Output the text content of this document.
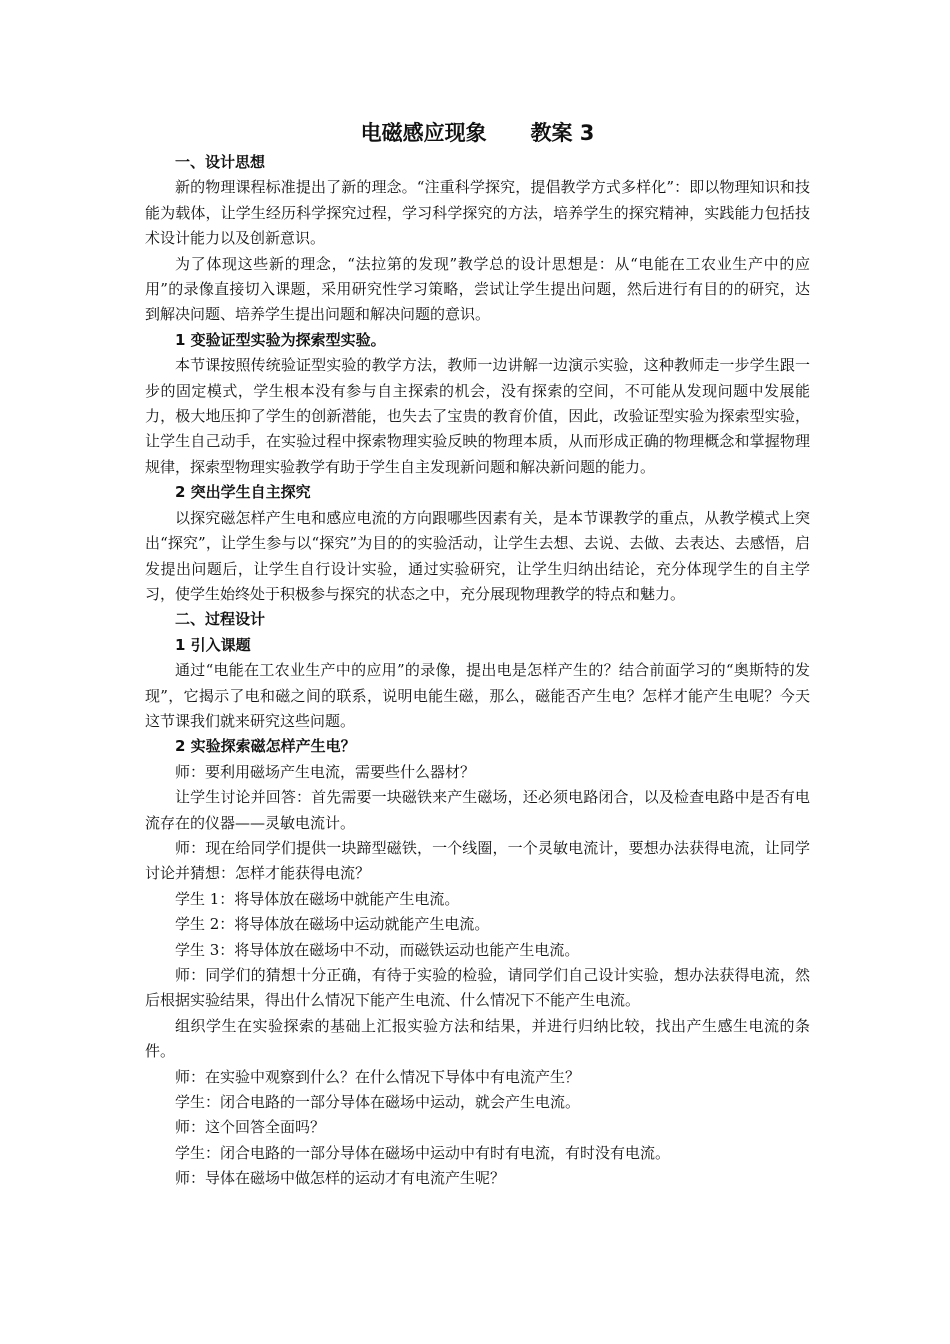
电磁感应现象      教案 3

一、设计思想

新的物理课程标准提出了新的理念。“注重科学探究，提倡教学方式多样化”：即以物理知识和技能为载体，让学生经历科学探究过程，学习科学探究的方法，培养学生的探究精神，实践能力包括技术设计能力以及创新意识。

为了体现这些新的理念，“法拉第的发现”教学总的设计思想是：从“电能在工农业生产中的应用”的录像直接切入课题，采用研究性学习策略，尝试让学生提出问题，然后进行有目的的研究，达到解决问题、培养学生提出问题和解决问题的意识。

1 变验证型实验为探索型实验。

本节课按照传统验证型实验的教学方法，教师一边讲解一边演示实验，这种教师走一步学生跟一步的固定模式，学生根本没有参与自主探索的机会，没有探索的空间，不可能从发现问题中发展能力，极大地压抑了学生的创新潜能，也失去了宝贵的教育价值，因此，改验证型实验为探索型实验，让学生自己动手，在实验过程中探索物理实验反映的物理本质，从而形成正确的物理概念和掌握物理规律，探索型物理实验教学有助于学生自主发现新问题和解决新问题的能力。

2 突出学生自主探究

以探究磁怎样产生电和感应电流的方向跟哪些因素有关，是本节课教学的重点，从教学模式上突出“探究”，让学生参与以“探究”为目的的实验活动，让学生去想、去说、去做、去表达、去感悟，启发提出问题后，让学生自行设计实验，通过实验研究，让学生归纳出结论，充分体现学生的自主学习，使学生始终处于积极参与探究的状态之中，充分展现物理教学的特点和魅力。

二、过程设计

1 引入课题

通过“电能在工农业生产中的应用”的录像，提出电是怎样产生的？结合前面学习的“奥斯特的发现”，它揭示了电和磁之间的联系，说明电能生磁，那么，磁能否产生电？怎样才能产生电呢？今天这节课我们就来研究这些问题。

2 实验探索磁怎样产生电？

师：要利用磁场产生电流，需要些什么器材？

让学生讨论并回答：首先需要一块磁铁来产生磁场，还必须电路闭合，以及检查电路中是否有电流存在的仪器——灵敏电流计。

师：现在给同学们提供一块蹄型磁铁，一个线圈，一个灵敏电流计，要想办法获得电流，让同学讨论并猜想：怎样才能获得电流？

学生 1：将导体放在磁场中就能产生电流。

学生 2：将导体放在磁场中运动就能产生电流。

学生 3：将导体放在磁场中不动，而磁铁运动也能产生电流。

师：同学们的猜想十分正确，有待于实验的检验，请同学们自己设计实验，想办法获得电流，然后根据实验结果，得出什么情况下能产生电流、什么情况下不能产生电流。

组织学生在实验探索的基础上汇报实验方法和结果，并进行归纳比较，找出产生感生电流的条件。

师：在实验中观察到什么？在什么情况下导体中有电流产生？

学生：闭合电路的一部分导体在磁场中运动，就会产生电流。

师：这个回答全面吗？

学生：闭合电路的一部分导体在磁场中运动中有时有电流，有时没有电流。

师：导体在磁场中做怎样的运动才有电流产生呢？
